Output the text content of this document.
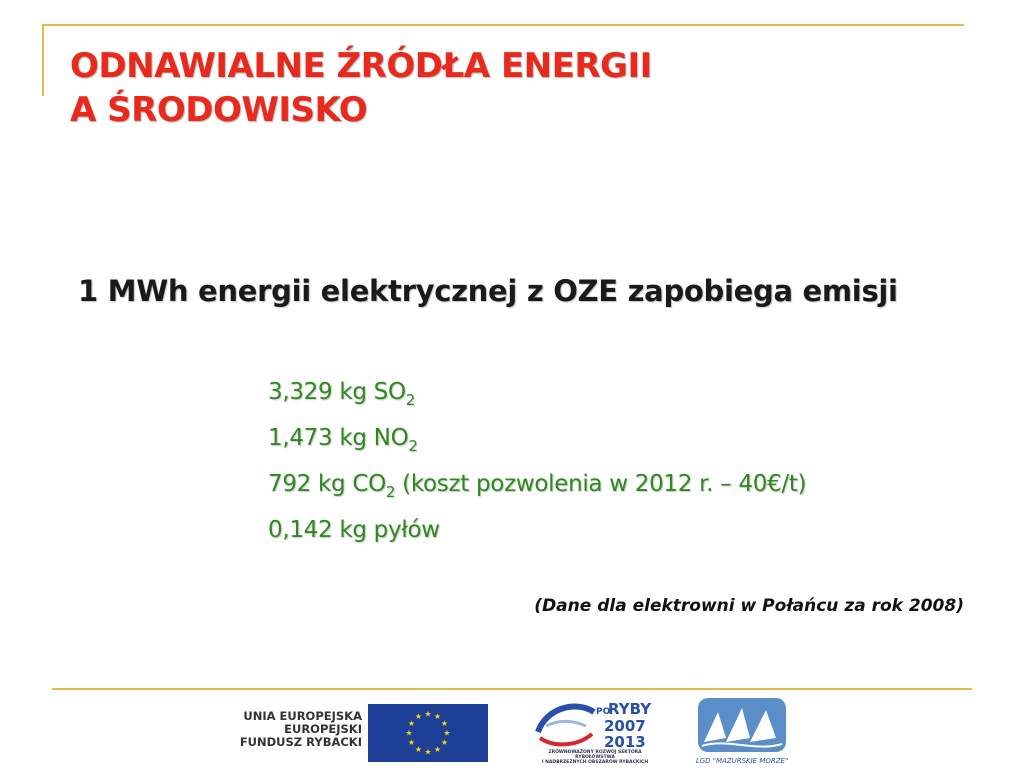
ODNAWIALNE ŹRÓDŁA ENERGII
A ŚRODOWISKO
1 MWh energii elektrycznej z OZE zapobiega emisji
3,329 kg $SO_2$
1,473 kg $NO_2$
792 kg $CO_2$ (koszt pozwolenia w 2012 r. – 40€/t)
0,142 kg pyłów
(Dane dla elektrowni w Połańcu za rok 2008)
UNIA EUROPEJSKA
EUROPEJSKI
FUNDUSZ RYBACKI
★ ★
★
★
★
★
★
★
★
★
★
★	PO
RYBY
2007
2013
ZRÓWNOWAŻONY ROZWÓJ SEKTORA RYBOŁÓWSTWA
I NADBRZEŻNYCH OBSZARÓW RYBACKICH	LGD "MAZURSKIE MORZE"
